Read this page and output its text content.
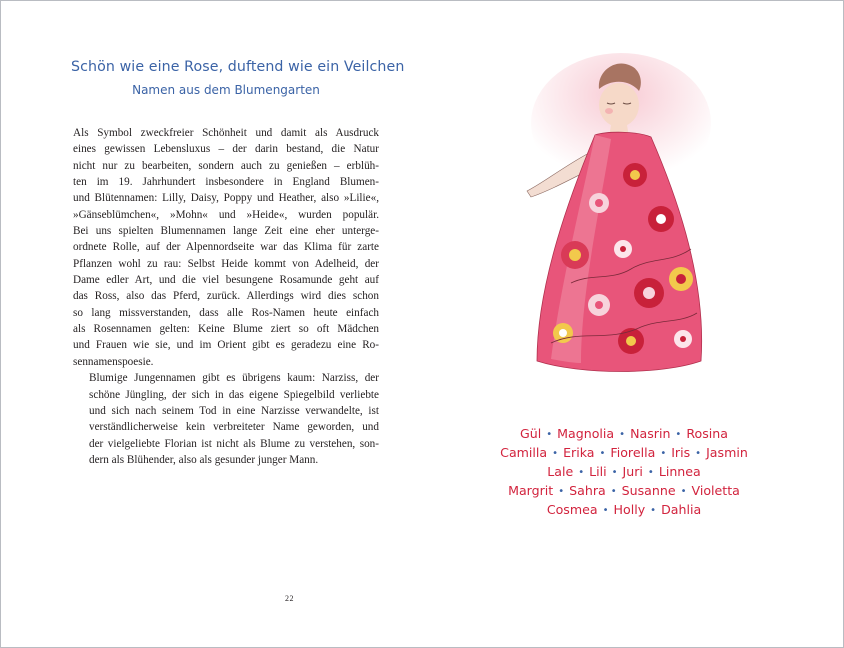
Schön wie eine Rose, duftend wie ein Veilchen
Namen aus dem Blumengarten

Als Symbol zweckfreier Schönheit und damit als Ausdruck
eines gewissen Lebensluxus – der darin bestand, die Natur
nicht nur zu bearbeiten, sondern auch zu genießen – erblüh-
ten im 19. Jahrhundert insbesondere in England Blumen-
und Blütennamen: Lilly, Daisy, Poppy und Heather, also »Lilie«,
»Gänseblümchen«, »Mohn« und »Heide«, wurden populär.
Bei uns spielten Blumennamen lange Zeit eine eher unterge-
ordnete Rolle, auf der Alpennordseite war das Klima für zarte
Pflanzen wohl zu rau: Selbst Heide kommt von Adelheid, der
Dame edler Art, und die viel besungene Rosamunde geht auf
das Ross, also das Pferd, zurück. Allerdings wird dies schon
so lang missverstanden, dass alle Ros-Namen heute einfach
als Rosennamen gelten: Keine Blume ziert so oft Mädchen
und Frauen wie sie, und im Orient gibt es geradezu eine Ro-
sennamenspoesie.

Blumige Jungennamen gibt es übrigens kaum: Narziss, der
schöne Jüngling, der sich in das eigene Spiegelbild verliebte
und sich nach seinem Tod in eine Narzisse verwandelte, ist
verständlicherweise kein verbreiteter Name geworden, und
der vielgeliebte Florian ist nicht als Blume zu verstehen, son-
dern als Blühender, also als gesunder junger Mann.

22
Gül • Magnolia • Nasrin • Rosina
Camilla • Erika • Fiorella • Iris • Jasmin
Lale • Lili • Juri • Linnea
Margrit • Sahra • Susanne • Violetta
Cosmea • Holly • Dahlia
